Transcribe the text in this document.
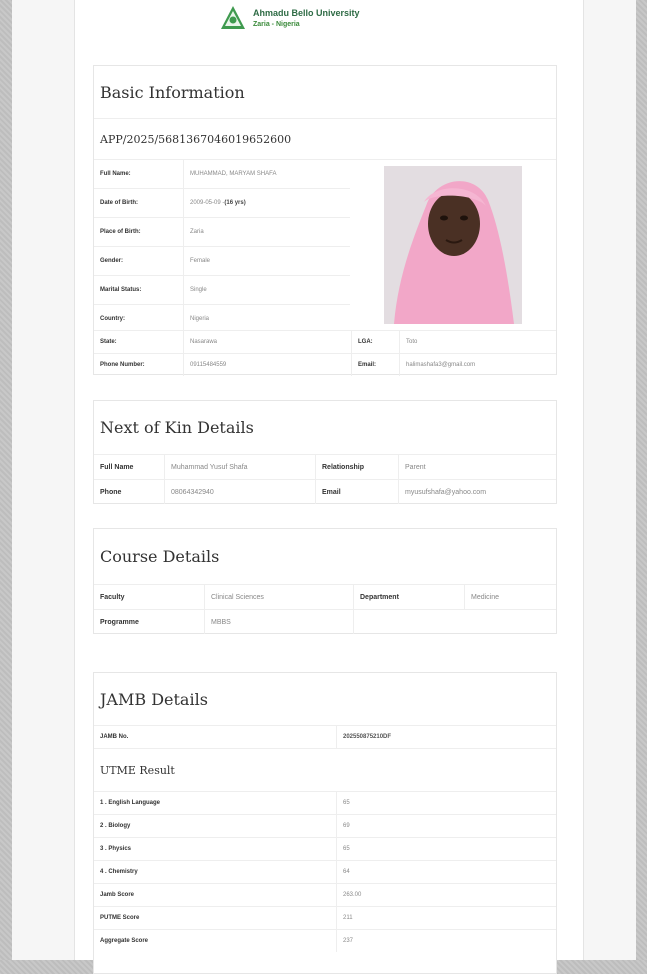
Ahmadu Bello University
Zaria - Nigeria
Basic Information
APP/2025/568136704601965260​0
Full Name:	MUHAMMAD, MARYAM SHAFA
Date of Birth:	2009-05-09 - (16 yrs)
Place of Birth:	Zaria
Gender:	Female
Marital Status:	Single
Country:	Nigeria
State:	Nasarawa	LGA:	Toto
Phone Number:	09115484559	Email:	halimashafa3@gmail.com
Next of Kin Details
Full Name	Muhammad Yusuf Shafa	Relationship	Parent
Phone	08064342940	Email	myusufshafa@yahoo.com
Course Details
Faculty	Clinical Sciences	Department	Medicine
Programme	MBBS
JAMB Details
JAMB No.	202550875210DF
UTME Result
1 . English Language	65
2 . Biology	69
3 . Physics	65
4 . Chemistry	64
Jamb Score	263.00
PUTME Score	211
Aggregate Score	237
